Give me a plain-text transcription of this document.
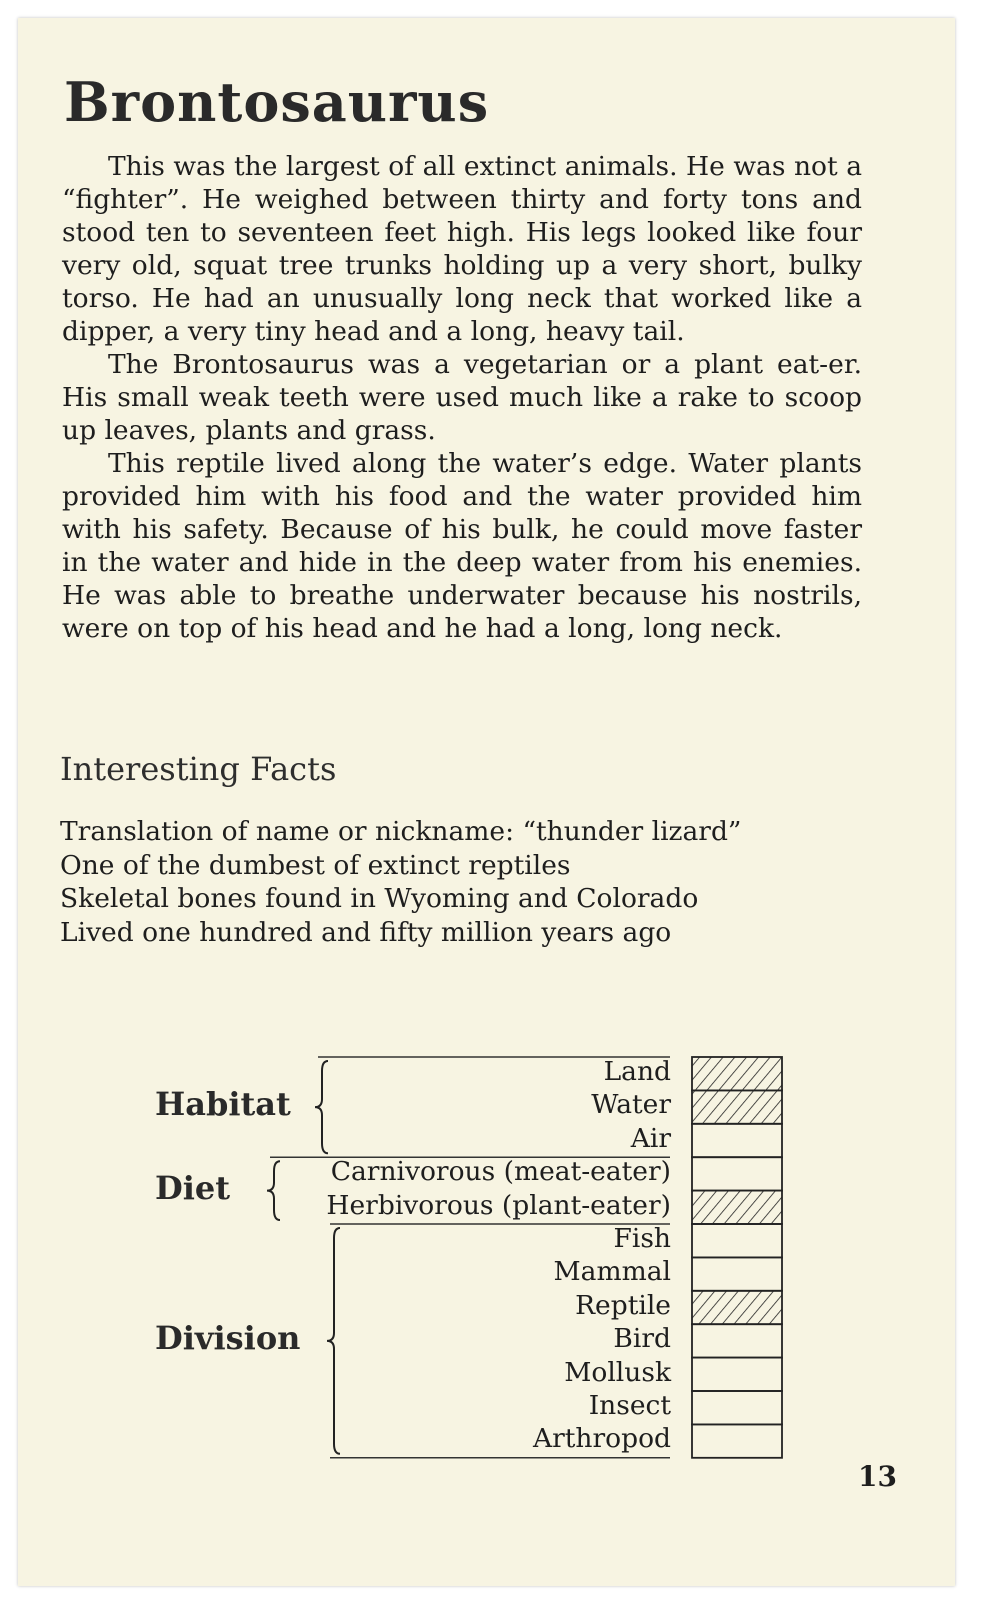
Brontosaurus

This was the largest of all extinct animals. He was not a “fighter”. He weighed between thirty and forty tons and stood ten to seventeen feet high. His legs looked like four very old, squat tree trunks holding up a very short, bulky torso. He had an unusually long neck that worked like a dipper, a very tiny head and a long, heavy tail.

The Brontosaurus was a vegetarian or a plant eat-er. His small weak teeth were used much like a rake to scoop up leaves, plants and grass.

This reptile lived along the water’s edge. Water plants provided him with his food and the water provided him with his safety. Because of his bulk, he could move faster in the water and hide in the deep water from his enemies. He was able to breathe underwater because his nostrils, were on top of his head and he had a long, long neck.

Interesting Facts
Translation of name or nickname: “thunder lizard”
One of the dumbest of extinct reptiles
Skeletal bones found in Wyoming and Colorado
Lived one hundred and fifty million years ago
Habitat
Land
Water
Air
Diet	Carnivorous (meat-eater)
Herbivorous (plant-eater)
Division
Fish
Mammal
Reptile
Bird
Mollusk
Insect
Arthropod
13
